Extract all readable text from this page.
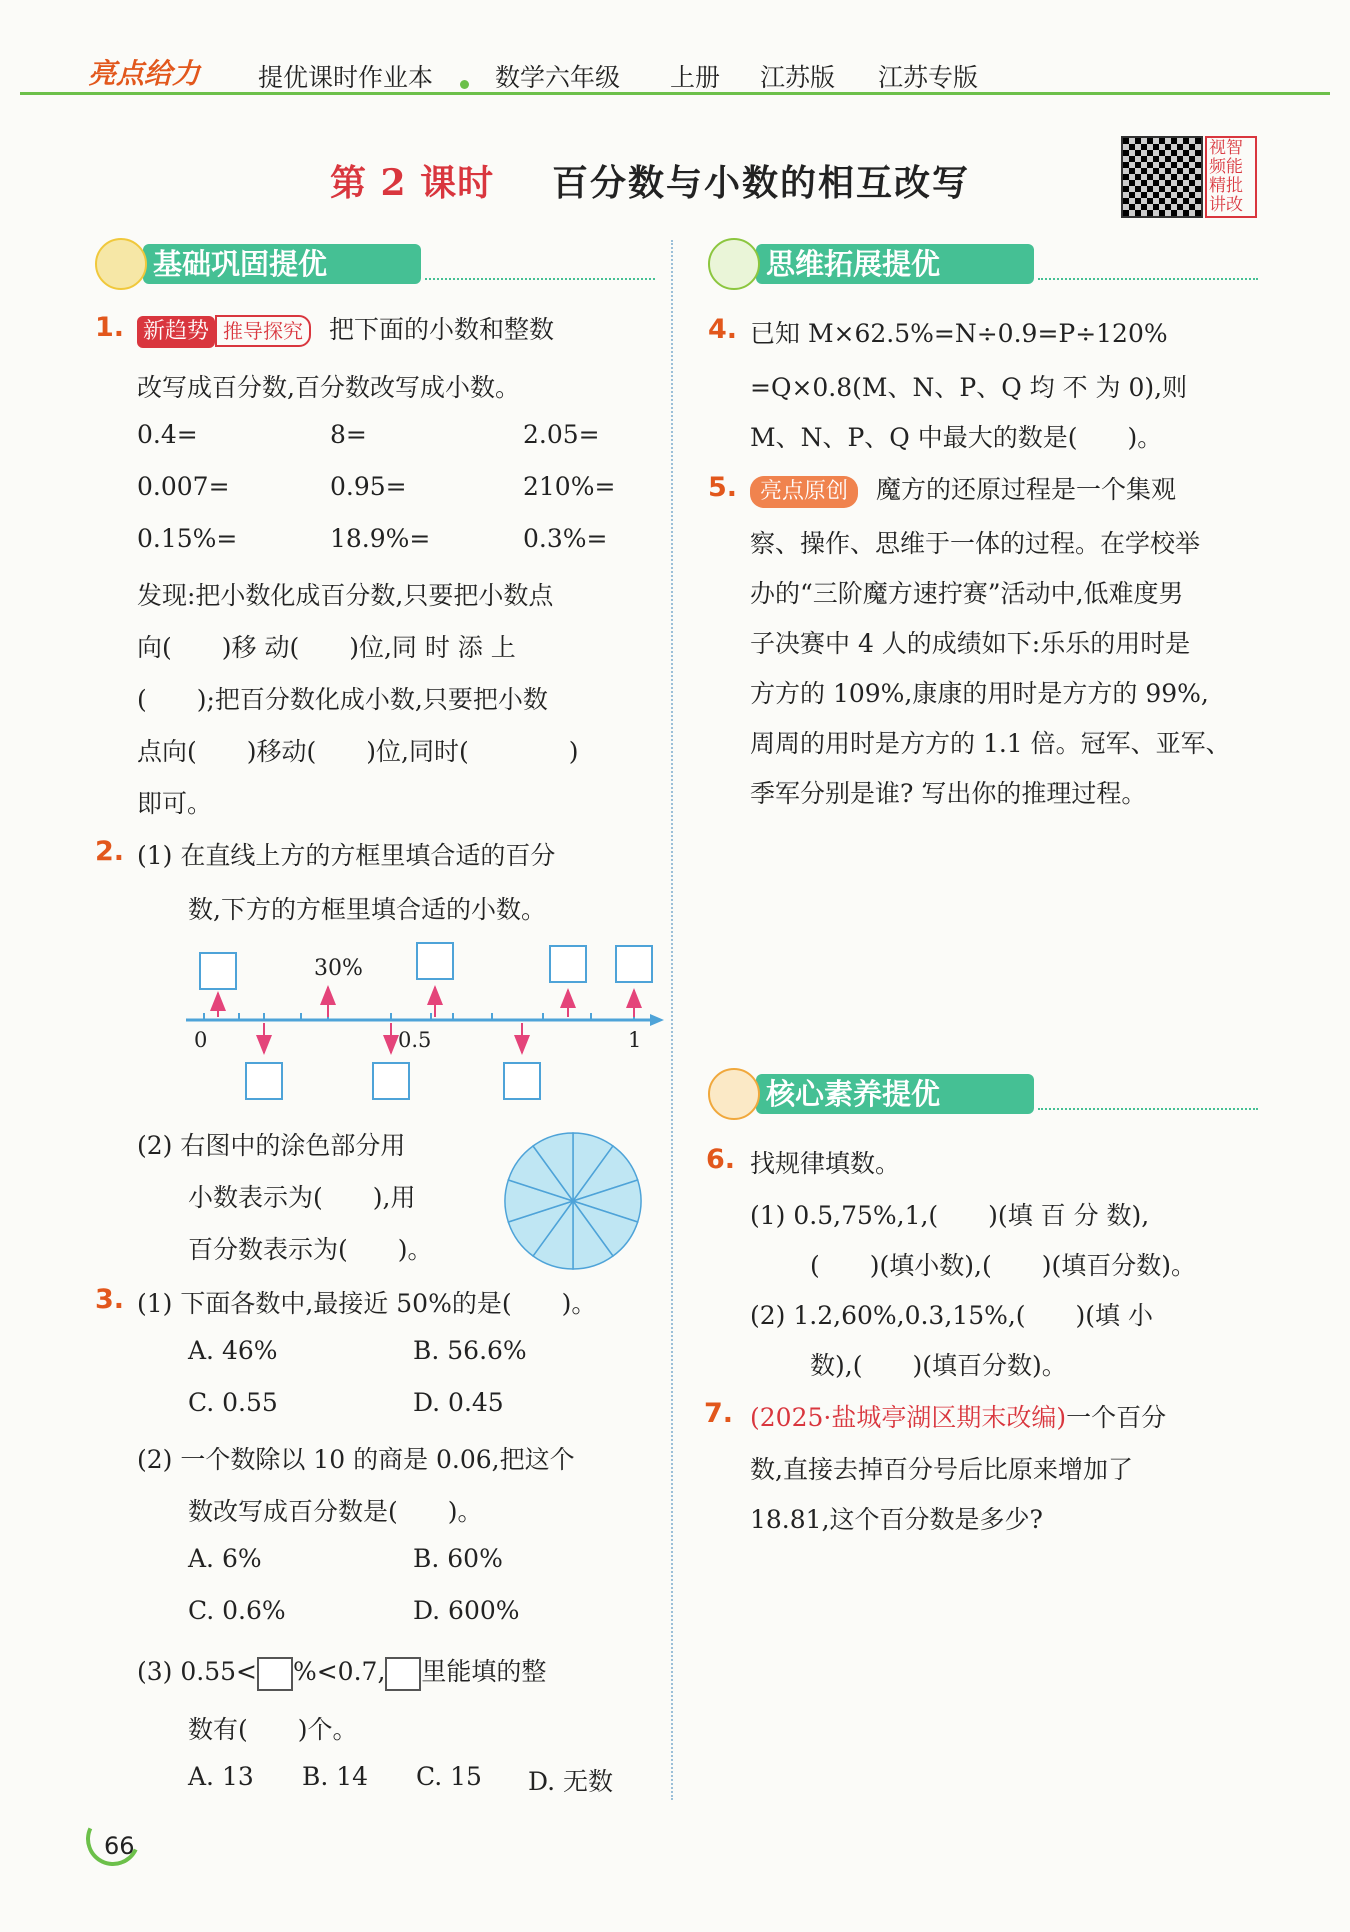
亮点给力 提优课时作业本 数学六年级 上册 江苏版 江苏专版
第 2 课时 百分数与小数的相互改写
视智
频能
精批
讲改
基础巩固提优
1. 新趋势 推导探究 把下面的小数和整数
改写成百分数,百分数改写成小数。
0.4=	8=	2.05=
0.007=	0.95=	210%=
0.15%=	18.9%=	0.3%=
发现:把小数化成百分数,只要把小数点
向(　　)移 动(　　)位,同 时 添 上
(　　);把百分数化成小数,只要把小数
点向(　　)移动(　　)位,同时(　　　　)
即可。
2. (1) 在直线上方的方框里填合适的百分
数,下方的方框里填合适的小数。
30%
0	0.5	1
(2) 右图中的涂色部分用
小数表示为(　　),用
百分数表示为(　　)。
3. (1) 下面各数中,最接近 50%的是(　　)。
A. 46%	B. 56.6%
C. 0.55	D. 0.45
(2) 一个数除以 10 的商是 0.06,把这个
数改写成百分数是(　　)。
A. 6%	B. 60%
C. 0.6%	D. 600%
(3) 0.55< %<0.7, 里能填的整
数有(　　)个。
A. 13 B. 14 C. 15 D. 无数
思维拓展提优
4. 已知 M×62.5%=N÷0.9=P÷120%
=Q×0.8(M、N、P、Q 均 不 为 0),则
M、N、P、Q 中最大的数是(　　)。
5.	亮点原创 魔方的还原过程是一个集观
察、操作、思维于一体的过程。在学校举
办的“三阶魔方速拧赛”活动中,低难度男
子决赛中 4 人的成绩如下:乐乐的用时是
方方的 109%,康康的用时是方方的 99%,
周周的用时是方方的 1.1 倍。冠军、亚军、
季军分别是谁? 写出你的推理过程。
核心素养提优
6. 找规律填数。
(1) 0.5,75%,1,(　　)(填 百 分 数),
(　　)(填小数),(　　)(填百分数)。
(2) 1.2,60%,0.3,15%,(　　)(填 小
数),(　　)(填百分数)。
7. (2025·盐城亭湖区期末改编)一个百分
数,直接去掉百分号后比原来增加了
18.81,这个百分数是多少?
66
